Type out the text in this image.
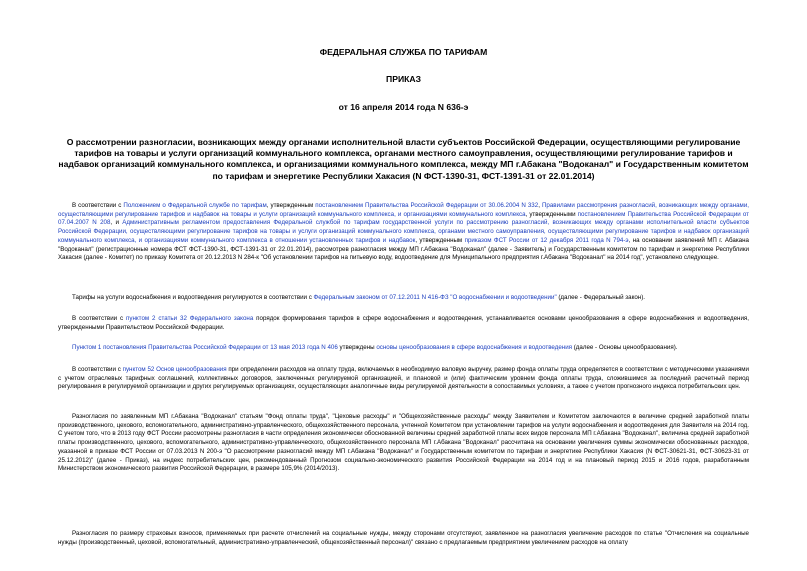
ФЕДЕРАЛЬНАЯ СЛУЖБА ПО ТАРИФАМ
ПРИКАЗ
от 16 апреля 2014 года N 636-э
О рассмотрении разногласии, возникающих между органами исполнительной власти субъектов Российской Федерации, осуществляющими регулирование тарифов на товары и услуги организаций коммунального комплекса, органами местного самоуправления, осуществляющими регулирование тарифов и надбавок организаций коммунального комплекса, и организациями коммунального комплекса, между МП г.Абакана "Водоканал" и Государственным комитетом по тарифам и энергетике Республики Хакасия (N ФСТ-1390-31, ФСТ-1391-31 от 22.01.2014)
В соответствии с Положением о Федеральной службе по тарифам, утвержденным постановлением Правительства Российской Федерации от 30.06.2004 N 332, Правилами рассмотрения разногласий, возникающих между органами, осуществляющими регулирование тарифов и надбавок на товары и услуги организаций коммунального комплекса, и организациями коммунального комплекса, утвержденными постановлением Правительства Российской Федерации от 07.04.2007 N 208, и Административным регламентом предоставления Федеральной службой по тарифам государственной услуги по рассмотрению разногласий, возникающих между органами исполнительной власти субъектов Российской Федерации, осуществляющими регулирование тарифов на товары и услуги организаций коммунального комплекса, органами местного самоуправления, осуществляющими регулирование тарифов и надбавок организаций коммунального комплекса, и организациями коммунального комплекса в отношении установленных тарифов и надбавок, утвержденным приказом ФСТ России от 12 декабря 2011 года N 794-э, на основании заявлений МП г. Абакана "Водоканал" (регистрационные номера ФСТ ФСТ-1390-31, ФСТ-1391-31 от 22.01.2014), рассмотрев разногласия между МП г.Абакана "Водоканал" (далее - Заявитель) и Государственным комитетом по тарифам и энергетике Республики Хакасия (далее - Комитет) по приказу Комитета от 20.12.2013 N 284-к "Об установлении тарифов на питьевую воду, водоотведение для Муниципального предприятия г.Абакана "Водоканал" на 2014 год", установлено следующее.
Тарифы на услуги водоснабжения и водоотведения регулируются в соответствии с Федеральным законом от 07.12.2011 N 416-ФЗ "О водоснабжении и водоотведении" (далее - Федеральный закон).
В соответствии с пунктом 2 статьи 32 Федерального закона порядок формирования тарифов в сфере водоснабжения и водоотведения, устанавливается основами ценообразования в сфере водоснабжения и водоотведения, утвержденными Правительством Российской Федерации.
Пунктом 1 постановления Правительства Российской Федерации от 13 мая 2013 года N 406 утверждены основы ценообразования в сфере водоснабжения и водоотведения (далее - Основы ценообразования).
В соответствии с пунктом 52 Основ ценообразования при определении расходов на оплату труда, включаемых в необходимую валовую выручку, размер фонда оплаты труда определяется в соответствии с методическими указаниями с учетом отраслевых тарифных соглашений, коллективных договоров, заключенных регулируемой организацией, и плановой и (или) фактическим уровнем фонда оплаты труда, сложившимся за последний расчетный период регулирования в регулируемой организации и других регулируемых организациях, осуществляющих аналогичные виды регулируемой деятельности в сопоставимых условиях, а также с учетом прогнозного индекса потребительских цен.
Разногласия по заявленным МП г.Абакана "Водоканал" статьям "Фонд оплаты труда", "Цеховые расходы" и "Общехозяйственные расходы" между Заявителем и Комитетом заключаются в величине средней заработной платы производственного, цехового, вспомогательного, административно-управленческого, общехозяйственного персонала, учтенной Комитетом при установлении тарифов на услуги водоснабжения и водоотведения для Заявителя на 2014 год. С учетом того, что в 2013 году ФСТ России рассмотрены разногласия в части определения экономически обоснованной величины средней заработной платы всех видов персонала МП г.Абакана "Водоканал", величина средней заработной платы производственного, цехового, вспомогательного, административно-управленческого, общехозяйственного персонала МП г.Абакана "Водоканал" рассчитана на основании увеличения суммы экономически обоснованных расходов, указанной в приказе ФСТ России от 07.03.2013 N 200-э "О рассмотрении разногласий между МП г.Абакана "Водоканал" и Государственным комитетом по тарифам и энергетике Республики Хакасия (N ФСТ-30621-31, ФСТ-30623-31 от 25.12.2012)" (далее - Приказ), на индекс потребительских цен, рекомендованный Прогнозом социально-экономического развития Российской Федерации на 2014 год и на плановый период 2015 и 2016 годов, разработанным Министерством экономического развития Российской Федерации, в размере 105,9% (2014/2013).
Разногласия по размеру страховых взносов, применяемых при расчете отчислений на социальные нужды, между сторонами отсутствуют, заявленное на разногласия увеличение расходов по статье "Отчисления на социальные нужды (производственный, цеховой, вспомогательный, административно-управленческий, общехозяйственный персонал)" связано с предлагаемым предприятием увеличением расходов на оплату
